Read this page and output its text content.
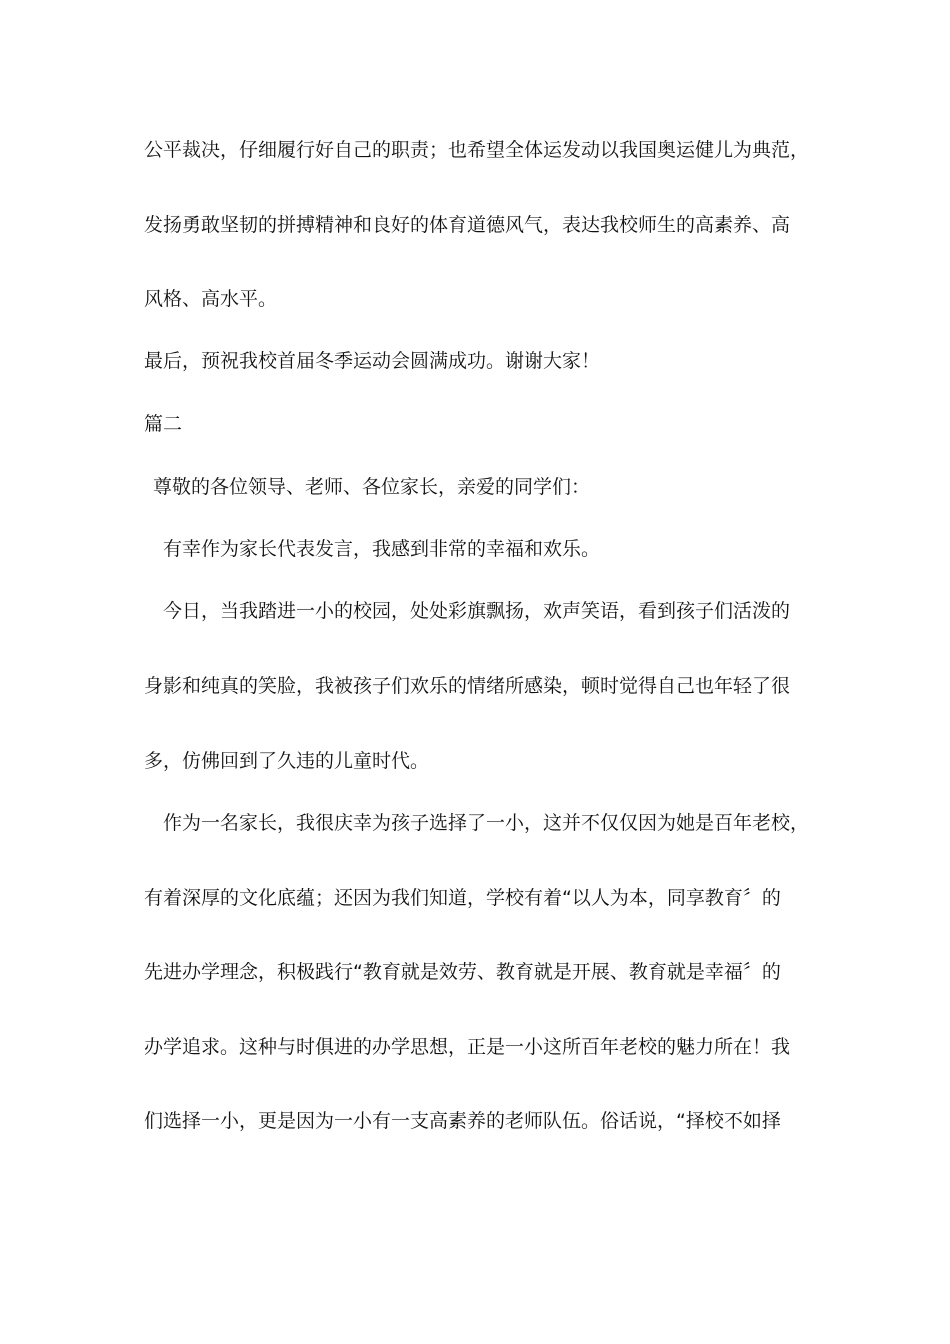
公平裁决，仔细履行好自己的职责；也希望全体运发动以我国奥运健儿为典范，
发扬勇敢坚韧的拼搏精神和良好的体育道德风气，表达我校师生的高素养、高
风格、高水平。
最后，预祝我校首届冬季运动会圆满成功。谢谢大家！
篇二
尊敬的各位领导、老师、各位家长，亲爱的同学们：
有幸作为家长代表发言，我感到非常的幸福和欢乐。
今日，当我踏进一小的校园，处处彩旗飘扬，欢声笑语，看到孩子们活泼的
身影和纯真的笑脸，我被孩子们欢乐的情绪所感染，顿时觉得自己也年轻了很
多，仿佛回到了久违的儿童时代。
作为一名家长，我很庆幸为孩子选择了一小，这并不仅仅因为她是百年老校，
有着深厚的文化底蕴；还因为我们知道，学校有着“以人为本，同享教育〞的
先进办学理念，积极践行“教育就是效劳、教育就是开展、教育就是幸福〞的
办学追求。这种与时俱进的办学思想，正是一小这所百年老校的魅力所在！我
们选择一小，更是因为一小有一支高素养的老师队伍。俗话说，“择校不如择
